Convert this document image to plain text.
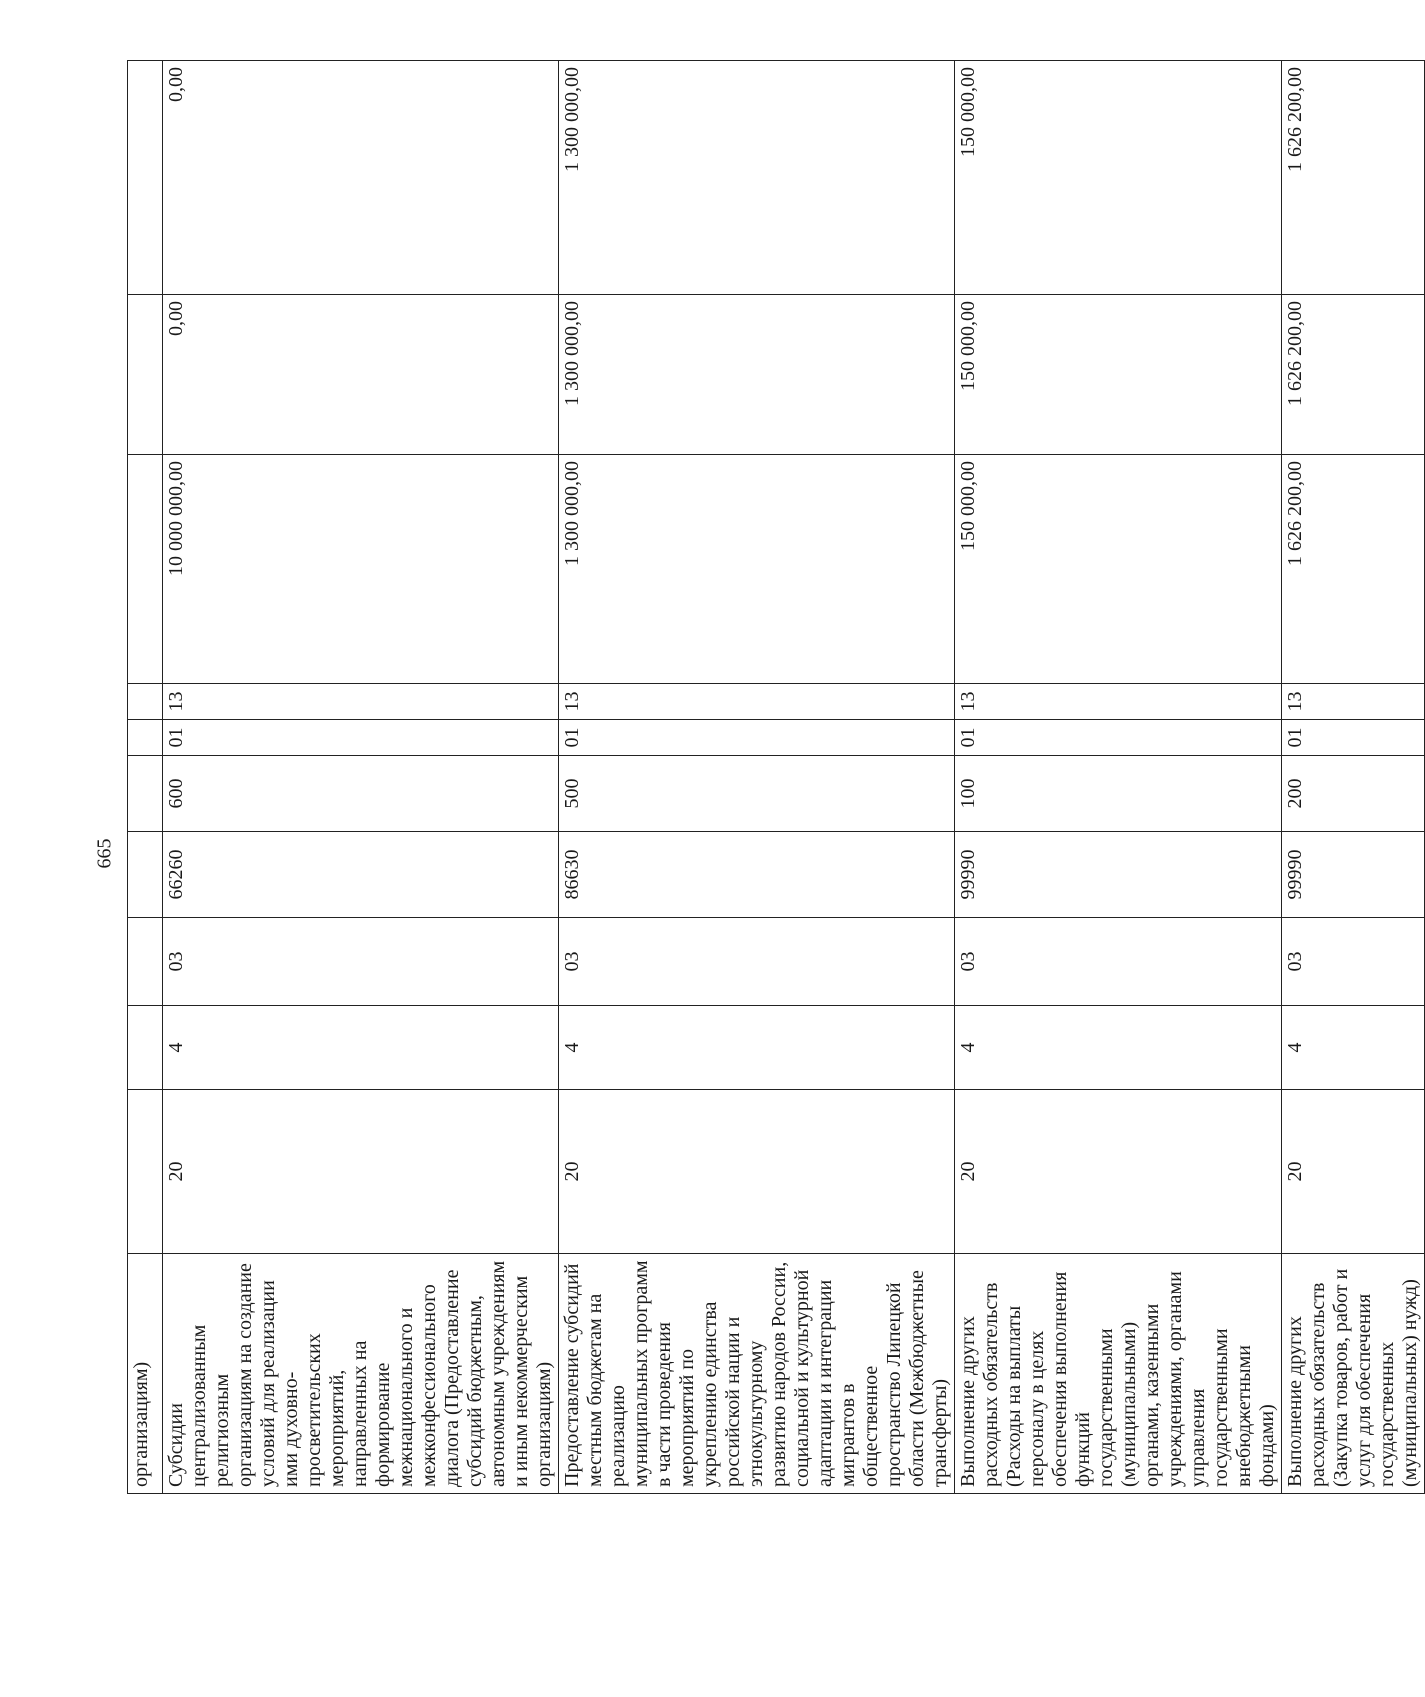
665
организациям)										
Субсидии централизованным религиозным организациям на создание условий для реализации ими духовно-просветительских мероприятий, направленных на формирование межнационального и межконфессионального диалога (Предоставление субсидий бюджетным, автономным учреждениям и иным некоммерческим организациям)	20	4	03	66260	600	01	13	10 000 000,00	0,00	0,00
Предоставление субсидий местным бюджетам на реализацию муниципальных программ в части проведения мероприятий по укреплению единства российской нации и этнокультурному развитию народов России, социальной и культурной адаптации и интеграции мигрантов в общественное пространство Липецкой области (Межбюджетные трансферты)	20	4	03	86630	500	01	13	1 300 000,00	1 300 000,00	1 300 000,00
Выполнение других расходных обязательств (Расходы на выплаты персоналу в целях обеспечения выполнения функций государственными (муниципальными) органами, казенными учреждениями, органами управления государственными внебюджетными фондами)	20	4	03	99990	100	01	13	150 000,00	150 000,00	150 000,00
Выполнение других расходных обязательств (Закупка товаров, работ и услуг для обеспечения государственных (муниципальных) нужд)	20	4	03	99990	200	01	13	1 626 200,00	1 626 200,00	1 626 200,00
